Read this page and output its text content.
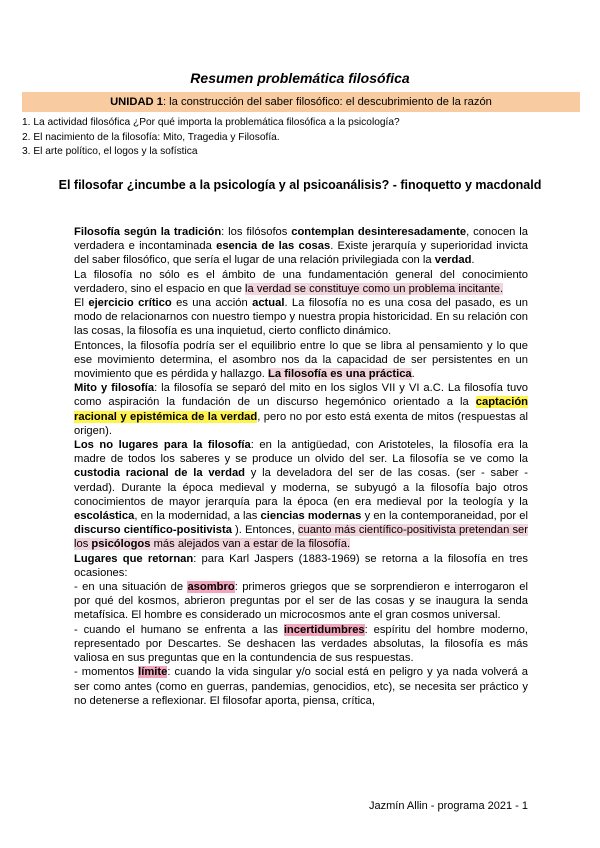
Resumen problemática filosófica
UNIDAD 1: la construcción del saber filosófico: el descubrimiento de la razón
1. La actividad filosófica ¿Por qué importa la problemática filosófica a la psicología?
2. El nacimiento de la filosofía: Mito, Tragedia y Filosofía.
3. El arte político, el logos y la sofística
El filosofar ¿incumbe a la psicología y al psicoanálisis? - finoquetto y macdonald

Filosofía según la tradición: los filósofos contemplan desinteresadamente, conocen la verdadera e incontaminada esencia de las cosas. Existe jerarquía y superioridad invicta del saber filosófico, que sería el lugar de una relación privilegiada con la verdad.

La filosofía no sólo es el ámbito de una fundamentación general del conocimiento verdadero, sino el espacio en que la verdad se constituye como un problema incitante.

El ejercicio crítico es una acción actual. La filosofía no es una cosa del pasado, es un modo de relacionarnos con nuestro tiempo y nuestra propia historicidad. En su relación con las cosas, la filosofía es una inquietud, cierto conflicto dinámico.

Entonces, la filosofía podría ser el equilibrio entre lo que se libra al pensamiento y lo que ese movimiento determina, el asombro nos da la capacidad de ser persistentes en un movimiento que es pérdida y hallazgo. La filosofía es una práctica.

Mito y filosofía: la filosofía se separó del mito en los siglos VII y VI a.C. La filosofía tuvo como aspiración la fundación de un discurso hegemónico orientado a la captación racional y epistémica de la verdad, pero no por esto está exenta de mitos (respuestas al origen).

Los no lugares para la filosofía: en la antigüedad, con Aristoteles, la filosofía era la madre de todos los saberes y se produce un olvido del ser. La filosofía se ve como la custodia racional de la verdad y la develadora del ser de las cosas. (ser - saber - verdad). Durante la época medieval y moderna, se subyugó a la filosofía bajo otros conocimientos de mayor jerarquía para la época (en era medieval por la teología y la escolástica, en la modernidad, a las ciencias modernas y en la contemporaneidad, por el discurso científico-positivista ). Entonces, cuanto más científico-positivista pretendan ser los psicólogos más alejados van a estar de la filosofía.

Lugares que retornan: para Karl Jaspers (1883-1969) se retorna a la filosofía en tres ocasiones:

- en una situación de asombro: primeros griegos que se sorprendieron e interrogaron el por qué del kosmos, abrieron preguntas por el ser de las cosas y se inaugura la senda metafísica. El hombre es considerado un microcosmos ante el gran cosmos universal.

- cuando el humano se enfrenta a las incertidumbres: espíritu del hombre moderno, representado por Descartes. Se deshacen las verdades absolutas, la filosofía es más valiosa en sus preguntas que en la contundencia de sus respuestas.

- momentos límite: cuando la vida singular y/o social está en peligro y ya nada volverá a ser como antes (como en guerras, pandemias, genocidios, etc), se necesita ser práctico y no detenerse a reflexionar. El filosofar aporta, piensa, crítica,

Jazmín Allin - programa 2021 - 1
